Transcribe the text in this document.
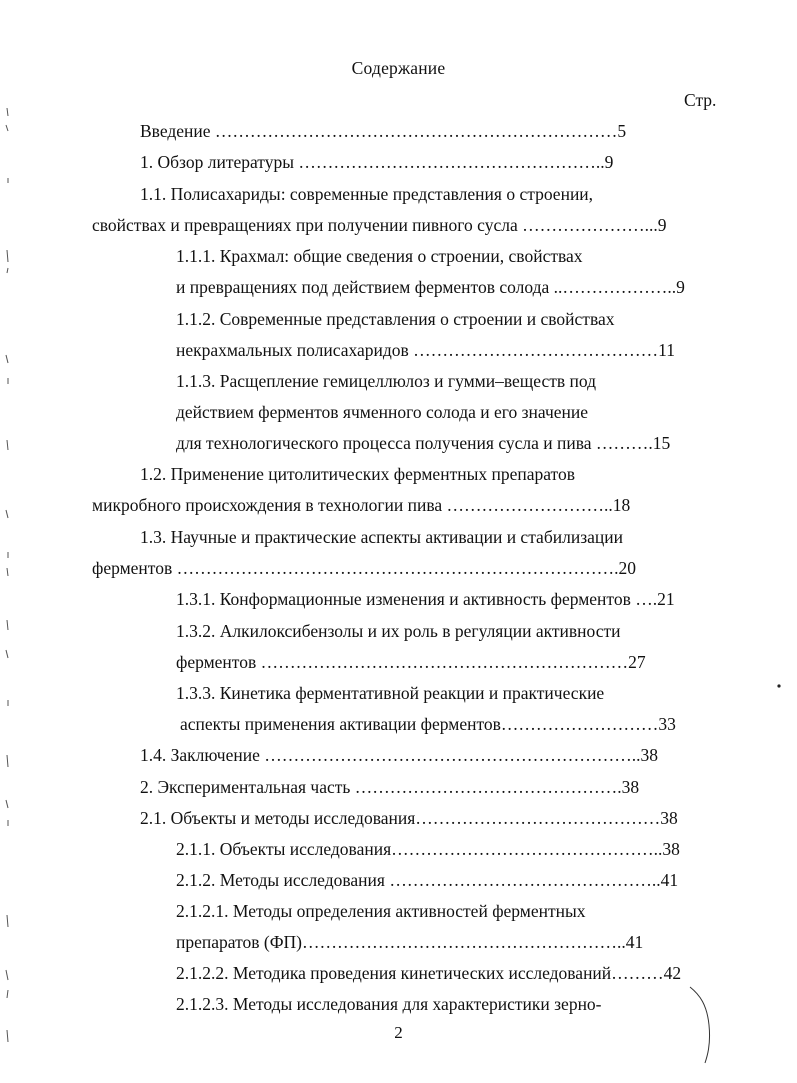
Содержание
Стр.
Введение ……………………………………………………………5
1. Обзор литературы ……………………………………………..9
1.1. Полисахариды: современные представления о строении,
свойствах и превращениях при получении пивного сусла …………………...9
1.1.1. Крахмал: общие сведения о строении, свойствах
и превращениях под действием ферментов солода ..………………..9
1.1.2. Современные представления о строении и свойствах
некрахмальных полисахаридов ……………………………………11
1.1.3. Расщепление гемицеллюлоз и гумми–веществ под
действием ферментов ячменного солода и его значение
для технологического процесса получения сусла и пива ……….15
1.2. Применение цитолитических ферментных препаратов
микробного происхождения в технологии пива ………………………..18
1.3. Научные и практические аспекты активации и стабилизации
ферментов ………………………………………………………………….20
1.3.1. Конформационные изменения и активность ферментов ….21
1.3.2. Алкилоксибензолы и их роль в регуляции активности
ферментов ………………………………………………………27
1.3.3. Кинетика ферментативной реакции и практические
аспекты применения активации ферментов………………………33
1.4. Заключение ………………………………………………………..38
2. Экспериментальная часть ……………………………………….38
2.1. Объекты и методы исследования……………………………………38
2.1.1. Объекты исследования………………………………………..38
2.1.2. Методы исследования ………………………………………..41
2.1.2.1. Методы определения активностей ферментных
препаратов (ФП)………………………………………………..41
2.1.2.2. Методика проведения кинетических исследований………42
2.1.2.3. Методы исследования для характеристики зерно-
2
